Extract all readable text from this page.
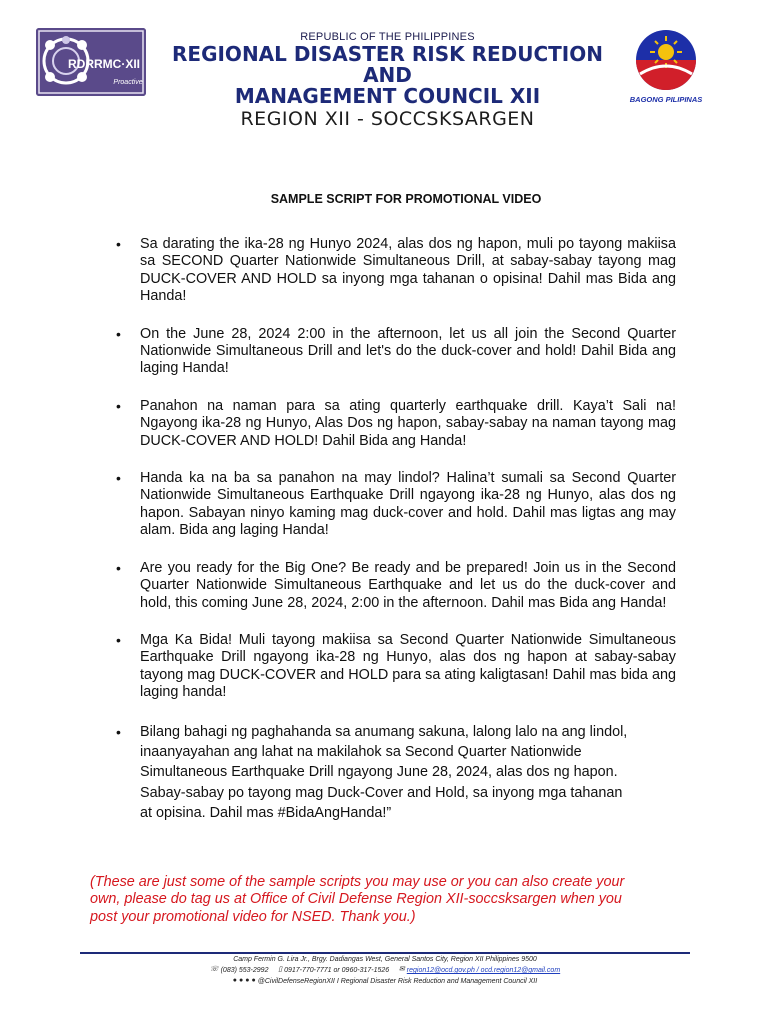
RDRRMC·XII
Proactive
REPUBLIC OF THE PHILIPPINES
REGIONAL DISASTER RISK REDUCTION AND
MANAGEMENT COUNCIL XII
REGION XII - SOCCSKSARGEN
BAGONG PILIPINAS
SAMPLE SCRIPT FOR PROMOTIONAL VIDEO
• Sa darating the ika-28 ng Hunyo 2024, alas dos ng hapon, muli po tayong makiisa sa SECOND Quarter Nationwide Simultaneous Drill, at sabay-sabay tayong mag DUCK-COVER AND HOLD sa inyong mga tahanan o opisina! Dahil mas Bida ang Handa!
• On the June 28, 2024 2:00 in the afternoon, let us all join the Second Quarter Nationwide Simultaneous Drill and let's do the duck-cover and hold! Dahil Bida ang laging Handa!
• Panahon na naman para sa ating quarterly earthquake drill. Kaya’t Sali na! Ngayong ika-28 ng Hunyo, Alas Dos ng hapon, sabay-sabay na naman tayong mag DUCK-COVER AND HOLD! Dahil Bida ang Handa!
• Handa ka na ba sa panahon na may lindol? Halina’t sumali sa Second Quarter Nationwide Simultaneous Earthquake Drill ngayong ika-28 ng Hunyo, alas dos ng hapon. Sabayan ninyo kaming mag duck-cover and hold. Dahil mas ligtas ang may alam. Bida ang laging Handa!
• Are you ready for the Big One? Be ready and be prepared! Join us in the Second Quarter Nationwide Simultaneous Earthquake and let us do the duck-cover and hold, this coming June 28, 2024, 2:00 in the afternoon. Dahil mas Bida ang Handa!
• Mga Ka Bida! Muli tayong makiisa sa Second Quarter Nationwide Simultaneous Earthquake Drill ngayong ika-28 ng Hunyo, alas dos ng hapon at sabay-sabay tayong mag DUCK-COVER and HOLD para sa ating kaligtasan! Dahil mas bida ang laging handa!
• Bilang bahagi ng paghahanda sa anumang sakuna, lalong lalo na ang lindol,
inaanyayahan ang lahat na makilahok sa Second Quarter Nationwide
Simultaneous Earthquake Drill ngayong June 28, 2024, alas dos ng hapon.
Sabay-sabay po tayong mag Duck-Cover and Hold, sa inyong mga tahanan
at opisina. Dahil mas #BidaAngHanda!”
(These are just some of the sample scripts you may use or you can also create your
own, please do tag us at Office of Civil Defense Region XII-soccsksargen when you
post your promotional video for NSED. Thank you.)
Camp Fermin G. Lira Jr., Brgy. Dadiangas West, General Santos City, Region XII Philippines 9500
☏ (083) 553-2992 ▯ 0917-770-7771 or 0960-317-1526 ✉ region12@ocd.gov.ph / ocd.region12@gmail.com
● ● ● ● @CivilDefenseRegionXII I Regional Disaster Risk Reduction and Management Council XII
